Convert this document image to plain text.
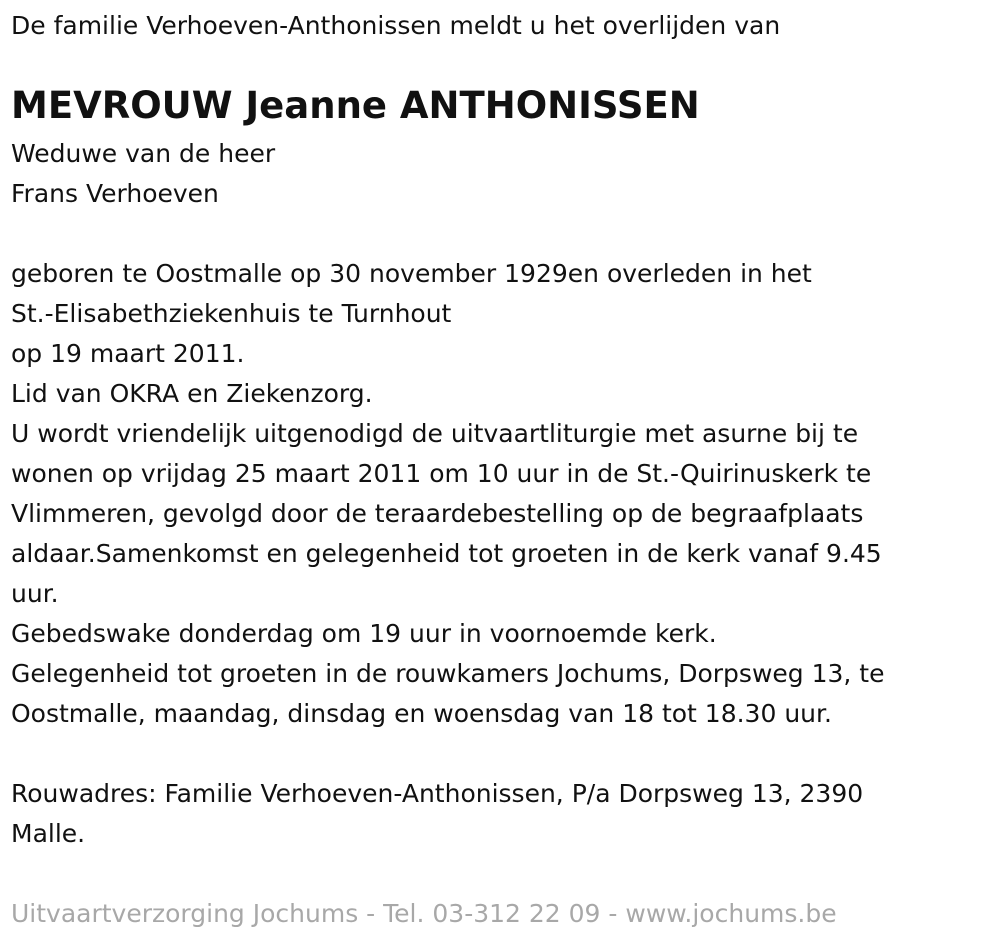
De familie Verhoeven-Anthonissen meldt u het overlijden van

MEVROUW Jeanne ANTHONISSEN

Weduwe van de heer

Frans Verhoeven

geboren te Oostmalle op 30 november 1929en overleden in het

St.-Elisabethziekenhuis te Turnhout

op 19 maart 2011.

Lid van OKRA en Ziekenzorg.

U wordt vriendelijk uitgenodigd de uitvaartliturgie met asurne bij te

wonen op vrijdag 25 maart 2011 om 10 uur in de St.-Quirinuskerk te

Vlimmeren, gevolgd door de teraardebestelling op de begraafplaats

aldaar.Samenkomst en gelegenheid tot groeten in de kerk vanaf 9.45

uur.

Gebedswake donderdag om 19 uur in voornoemde kerk.

Gelegenheid tot groeten in de rouwkamers Jochums, Dorpsweg 13, te

Oostmalle, maandag, dinsdag en woensdag van 18 tot 18.30 uur.

Rouwadres: Familie Verhoeven-Anthonissen, P/a Dorpsweg 13, 2390

Malle.

Uitvaartverzorging Jochums - Tel. 03-312 22 09 - www.jochums.be
